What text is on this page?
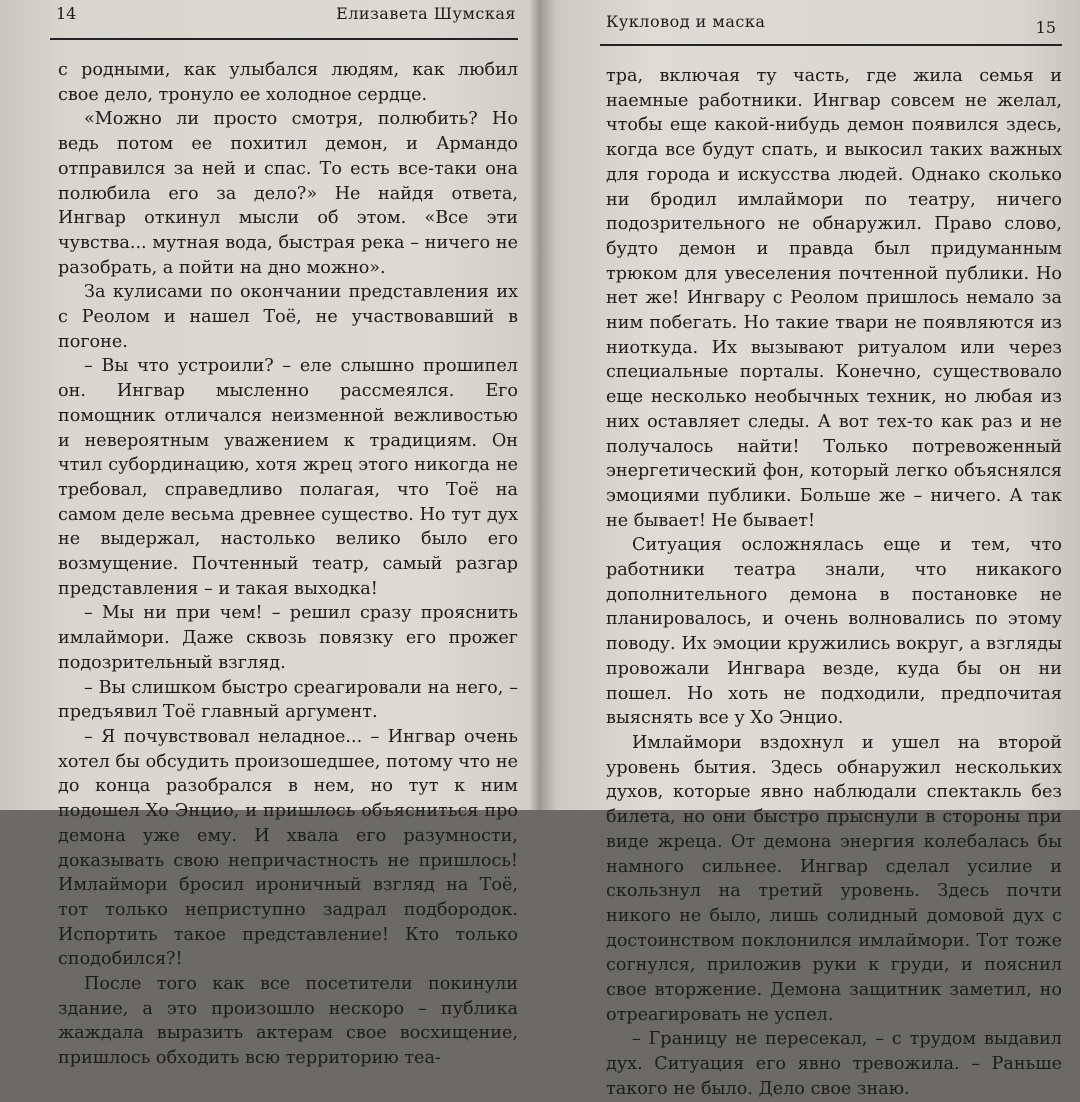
14	Елизавета Шумская

с родными, как улыбался людям, как любил свое дело, тронуло ее холодное сердце.

«Можно ли просто смотря, полюбить? Но ведь потом ее похитил демон, и Армандо отправился за ней и спас. То есть все-таки она полюбила его за дело?» Не найдя ответа, Ингвар откинул мысли об этом. «Все эти чувства... мутная вода, быстрая река – ничего не разобрать, а пойти на дно можно».

За кулисами по окончании представления их с Реолом и нашел Тоё, не участвовавший в погоне.

– Вы что устроили? – еле слышно прошипел он. Ингвар мысленно рассмеялся. Его помощник отличался неизменной вежливостью и невероятным уважением к традициям. Он чтил субординацию, хотя жрец этого никогда не требовал, справедливо полагая, что Тоё на самом деле весьма древнее существо. Но тут дух не выдержал, настолько велико было его возмущение. Почтенный театр, самый разгар представления – и такая выходка!

– Мы ни при чем! – решил сразу прояснить имлаймори. Даже сквозь повязку его прожег подозрительный взгляд.

– Вы слишком быстро среагировали на него, – предъявил Тоё главный аргумент.

– Я почувствовал неладное... – Ингвар очень хотел бы обсудить произошедшее, потому что не до конца разобрался в нем, но тут к ним подошел Хо Энцио, и пришлось объясниться про демона уже ему. И хвала его разумности, доказывать свою непричастность не пришлось! Имлаймори бросил ироничный взгляд на Тоё, тот только неприступно задрал подбородок. Испортить такое представление! Кто только сподобился?!

После того как все посетители покинули здание, а это произошло нескоро – публика жаждала выразить актерам свое восхищение, пришлось обходить всю территорию теа-

Кукловод и маска	15

тра, включая ту часть, где жила семья и наемные работники. Ингвар совсем не желал, чтобы еще какой-нибудь демон появился здесь, когда все будут спать, и выкосил таких важных для города и искусства людей. Однако сколько ни бродил имлаймори по театру, ничего подозрительного не обнаружил. Право слово, будто демон и правда был придуманным трюком для увеселения почтенной публики. Но нет же! Ингвару с Реолом пришлось немало за ним побегать. Но такие твари не появляются из ниоткуда. Их вызывают ритуалом или через специальные порталы. Конечно, существовало еще несколько необычных техник, но любая из них оставляет следы. А вот тех-то как раз и не получалось найти! Только потревоженный энергетический фон, который легко объяснялся эмоциями публики. Больше же – ничего. А так не бывает! Не бывает!

Ситуация осложнялась еще и тем, что работники театра знали, что никакого дополнительного демона в постановке не планировалось, и очень волновались по этому поводу. Их эмоции кружились вокруг, а взгляды провожали Ингвара везде, куда бы он ни пошел. Но хоть не подходили, предпочитая выяснять все у Хо Энцио.

Имлаймори вздохнул и ушел на второй уровень бытия. Здесь обнаружил нескольких духов, которые явно наблюдали спектакль без билета, но они быстро прыснули в стороны при виде жреца. От демона энергия колебалась бы намного сильнее. Ингвар сделал усилие и скользнул на третий уровень. Здесь почти никого не было, лишь солидный домовой дух с достоинством поклонился имлаймори. Тот тоже согнулся, приложив руки к груди, и пояснил свое вторжение. Демона защитник заметил, но отреагировать не успел.

– Границу не пересекал, – с трудом выдавил дух. Ситуация его явно тревожила. – Раньше такого не было. Дело свое знаю.
